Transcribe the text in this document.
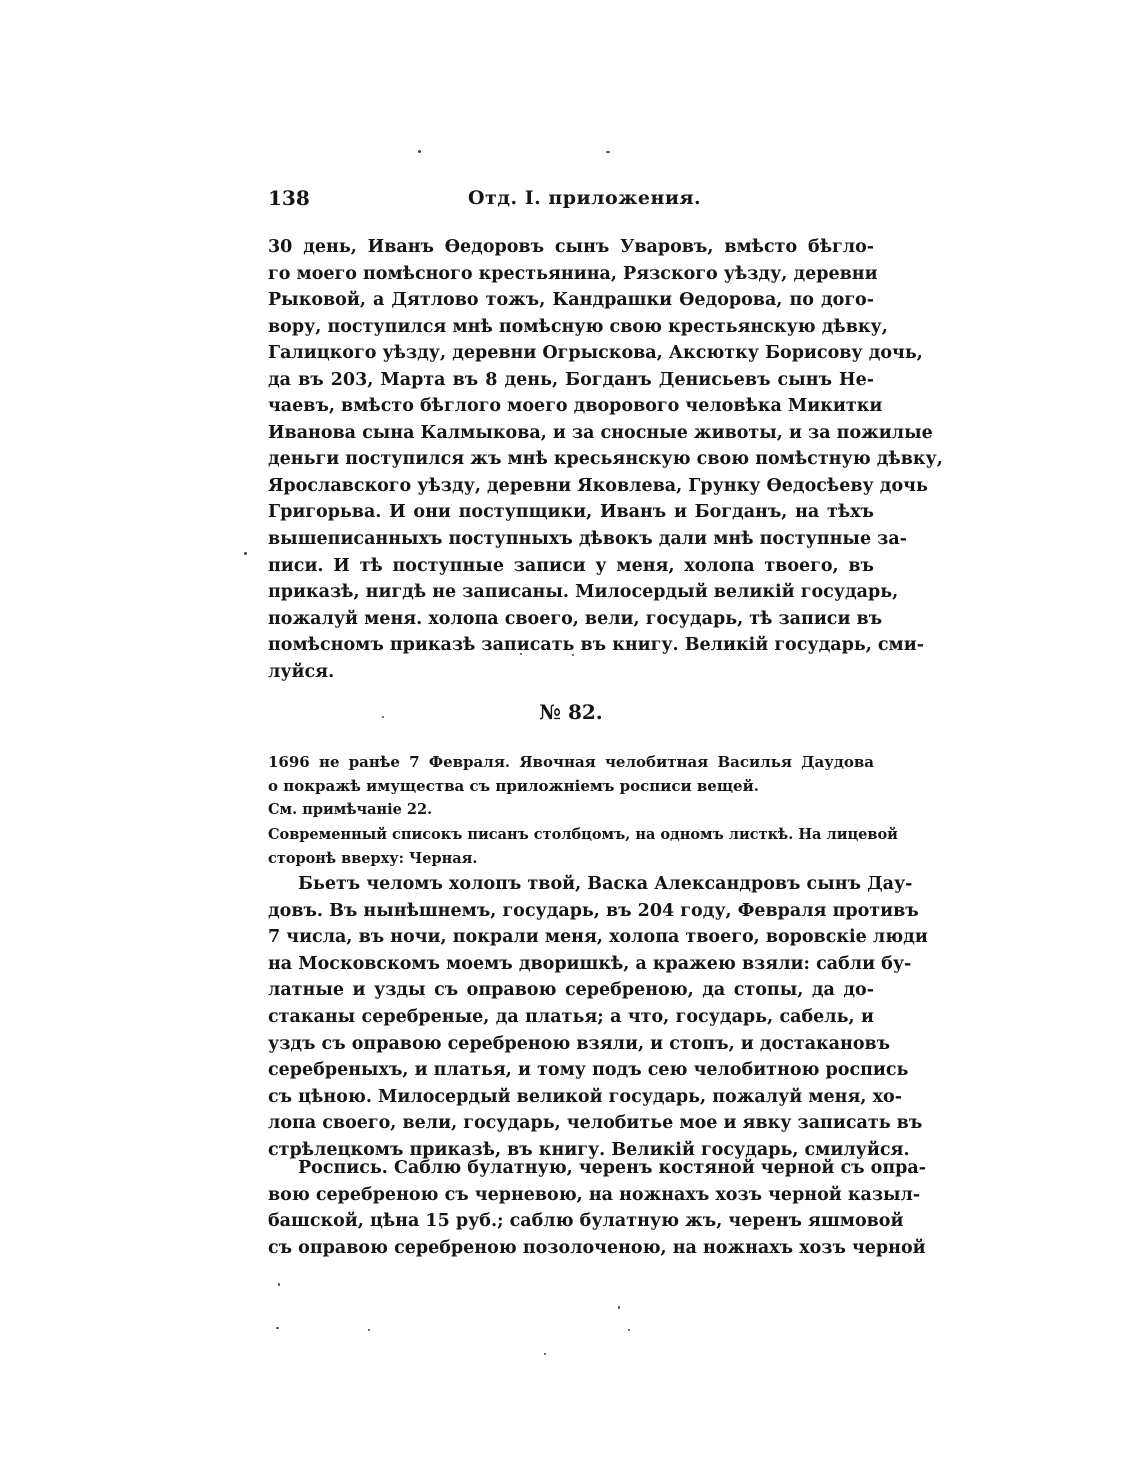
138	Отд. I. приложения.
30 день, Иванъ Өедоровъ сынъ Уваровъ, вмѣсто бѣгло-
го моего помѣсного крестьянина, Рязского уѣзду, деревни
Рыковой, а Дятлово тожъ, Кандрашки Өедорова, по дого-
вору, поступился мнѣ помѣсную свою крестьянскую дѣвку,
Галицкого уѣзду, деревни Огрыскова, Аксютку Борисову дочь,
да въ 203, Марта въ 8 день, Богданъ Денисьевъ сынъ Не-
чаевъ, вмѣсто бѣглого моего дворового человѣка Микитки
Иванова сына Калмыкова, и за сносные животы, и за пожилые
деньги поступился жъ мнѣ кресьянскую свою помѣстную дѣвку,
Ярославского уѣзду, деревни Яковлева, Грунку Өедосѣеву дочь
Григорьва. И они поступщики, Иванъ и Богданъ, на тѣхъ
вышеписанныхъ поступныхъ дѣвокъ дали мнѣ поступные за-
писи. И тѣ поступные записи у меня, холопа твоего, въ
приказѣ, нигдѣ не записаны. Милосердый великій государь,
пожалуй меня. холопа своего, вели, государь, тѣ записи въ
помѣсномъ приказѣ записать въ книгу. Великій государь, сми-
луйся.
№ 82.
1696 не ранѣе 7 Февраля. Явочная челобитная Василья Даудова
о покражѣ имущества съ приложніемъ росписи вещей.
См. примѣчаніе 22.
Современный списокъ писанъ столбцомъ, на одномъ листкѣ. На лицевой
сторонѣ вверху: Черная.
Бьетъ челомъ холопъ твой, Васка Александровъ сынъ Дау-
довъ. Въ нынѣшнемъ, государь, въ 204 году, Февраля противъ
7 числа, въ ночи, покрали меня, холопа твоего, воровскіе люди
на Московскомъ моемъ дворишкѣ, а кражею взяли: сабли бу-
латные и узды съ оправою серебреною, да стопы, да до-
стаканы серебреные, да платья; а что, государь, сабель, и
уздъ съ оправою серебреною взяли, и стопъ, и достакановъ
серебреныхъ, и платья, и тому подъ сею челобитною роспись
съ цѣною. Милосердый великой государь, пожалуй меня, хо-
лопа своего, вели, государь, челобитье мое и явку записать въ
стрѣлецкомъ приказѣ, въ книгу. Великій государь, смилуйся.
Роспись. Саблю булатную, черенъ костяной черной съ опра-
вою серебреною съ черневою, на ножнахъ хозъ черной казыл-
башской, цѣна 15 руб.; саблю булатную жъ, черенъ яшмовой
съ оправою серебреною позолоченою, на ножнахъ хозъ черной
